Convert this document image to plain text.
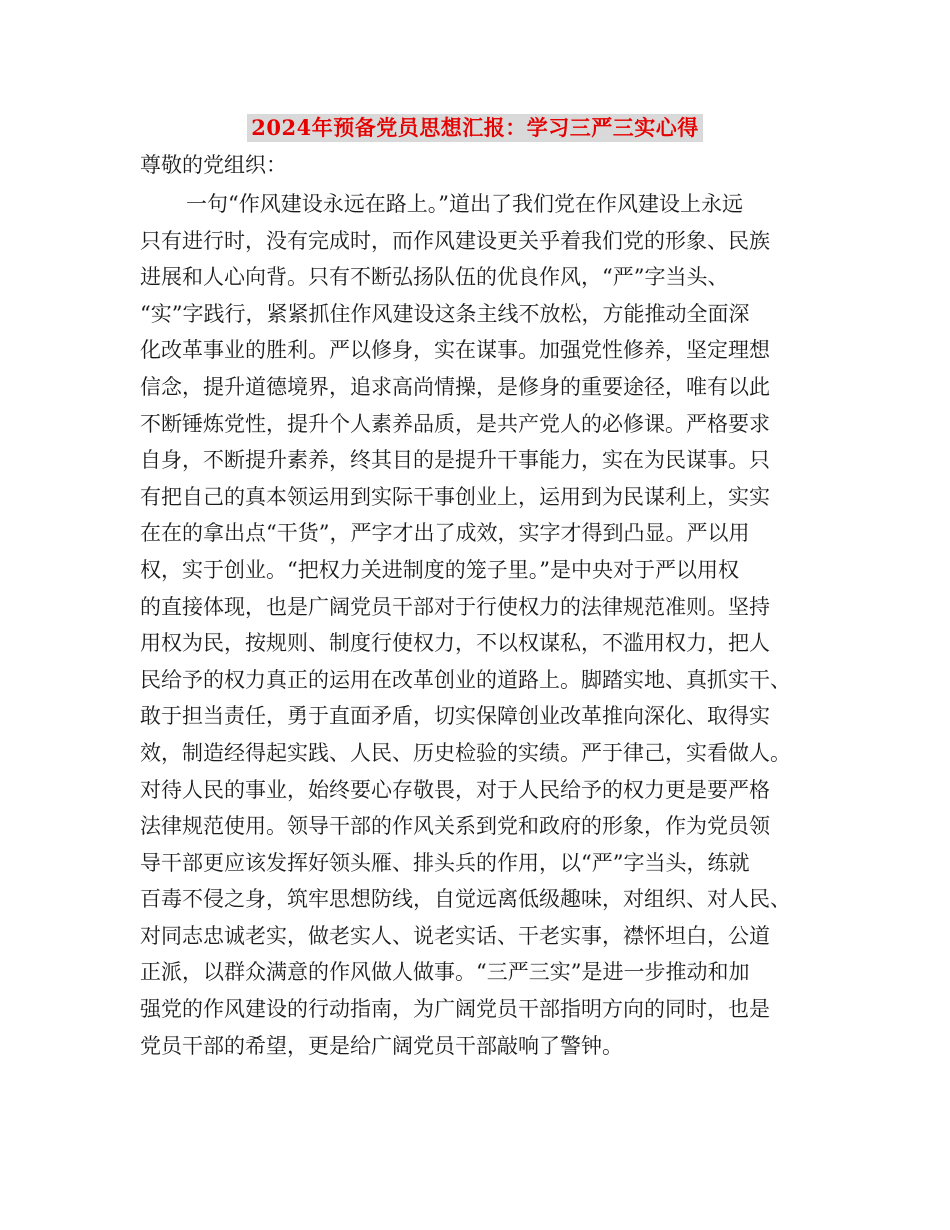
2024年预备党员思想汇报：学习三严三实心得
尊敬的党组织：
一句“作风建设永远在路上。”道出了我们党在作风建设上永远
只有进行时，没有完成时，而作风建设更关乎着我们党的形象、民族
进展和人心向背。只有不断弘扬队伍的优良作风，“严”字当头、
“实”字践行，紧紧抓住作风建设这条主线不放松，方能推动全面深
化改革事业的胜利。严以修身，实在谋事。加强党性修养，坚定理想
信念，提升道德境界，追求高尚情操，是修身的重要途径，唯有以此
不断锤炼党性，提升个人素养品质，是共产党人的必修课。严格要求
自身，不断提升素养，终其目的是提升干事能力，实在为民谋事。只
有把自己的真本领运用到实际干事创业上，运用到为民谋利上，实实
在在的拿出点“干货”，严字才出了成效，实字才得到凸显。严以用
权，实于创业。“把权力关进制度的笼子里。”是中央对于严以用权
的直接体现，也是广阔党员干部对于行使权力的法律规范准则。坚持
用权为民，按规则、制度行使权力，不以权谋私，不滥用权力，把人
民给予的权力真正的运用在改革创业的道路上。脚踏实地、真抓实干、
敢于担当责任，勇于直面矛盾，切实保障创业改革推向深化、取得实
效，制造经得起实践、人民、历史检验的实绩。严于律己，实看做人。
对待人民的事业，始终要心存敬畏，对于人民给予的权力更是要严格
法律规范使用。领导干部的作风关系到党和政府的形象，作为党员领
导干部更应该发挥好领头雁、排头兵的作用，以“严”字当头，练就
百毒不侵之身，筑牢思想防线，自觉远离低级趣味，对组织、对人民、
对同志忠诚老实，做老实人、说老实话、干老实事，襟怀坦白，公道
正派，以群众满意的作风做人做事。“三严三实”是进一步推动和加
强党的作风建设的行动指南，为广阔党员干部指明方向的同时，也是
党员干部的希望，更是给广阔党员干部敲响了警钟。
